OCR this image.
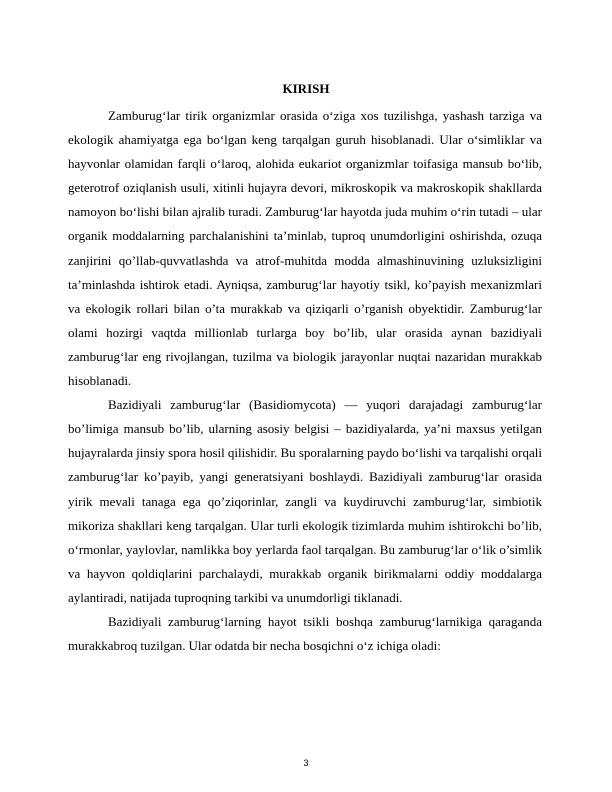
KIRISH

Zamburugʻlar tirik organizmlar orasida oʻziga xos tuzilishga, yashash tarziga va ekologik ahamiyatga ega boʻlgan keng tarqalgan guruh hisoblanadi. Ular oʻsimliklar va hayvonlar olamidan farqli oʻlaroq, alohida eukariot organizmlar toifasiga mansub boʻlib, geterotrof oziqlanish usuli, xitinli hujayra devori, mikroskopik va makroskopik shakllarda namoyon boʻlishi bilan ajralib turadi. Zamburugʻlar hayotda juda muhim oʻrin tutadi – ular organik moddalarning parchalanishini ta’minlab, tuproq unumdorligini oshirishda, ozuqa zanjirini qo’llab-quvvatlashda va atrof-muhitda modda almashinuvining uzluksizligini ta’minlashda ishtirok etadi. Ayniqsa, zamburugʻlar hayotiy tsikl, ko’payish mexanizmlari va ekologik rollari bilan o’ta murakkab va qiziqarli o’rganish obyektidir. Zamburugʻlar olami hozirgi vaqtda millionlab turlarga boy bo’lib, ular orasida aynan bazidiyali zamburugʻlar eng rivojlangan, tuzilma va biologik jarayonlar nuqtai nazaridan murakkab hisoblanadi.

Bazidiyali zamburugʻlar (Basidiomycota) — yuqori darajadagi zamburugʻlar bo’limiga mansub bo’lib, ularning asosiy belgisi – bazidiyalarda, ya’ni maxsus yetilgan hujayralarda jinsiy spora hosil qilishidir. Bu sporalarning paydo boʻlishi va tarqalishi orqali zamburugʻlar ko’payib, yangi generatsiyani boshlaydi. Bazidiyali zamburugʻlar orasida yirik mevali tanaga ega qo’ziqorinlar, zangli va kuydiruvchi zamburugʻlar, simbiotik mikoriza shakllari keng tarqalgan. Ular turli ekologik tizimlarda muhim ishtirokchi bo’lib, oʻrmonlar, yaylovlar, namlikka boy yerlarda faol tarqalgan. Bu zamburugʻlar oʻlik o’simlik va hayvon qoldiqlarini parchalaydi, murakkab organik birikmalarni oddiy moddalarga aylantiradi, natijada tuproqning tarkibi va unumdorligi tiklanadi.

Bazidiyali zamburugʻlarning hayot tsikli boshqa zamburugʻlarnikiga qaraganda murakkabroq tuzilgan. Ular odatda bir necha bosqichni oʻz ichiga oladi:

3
